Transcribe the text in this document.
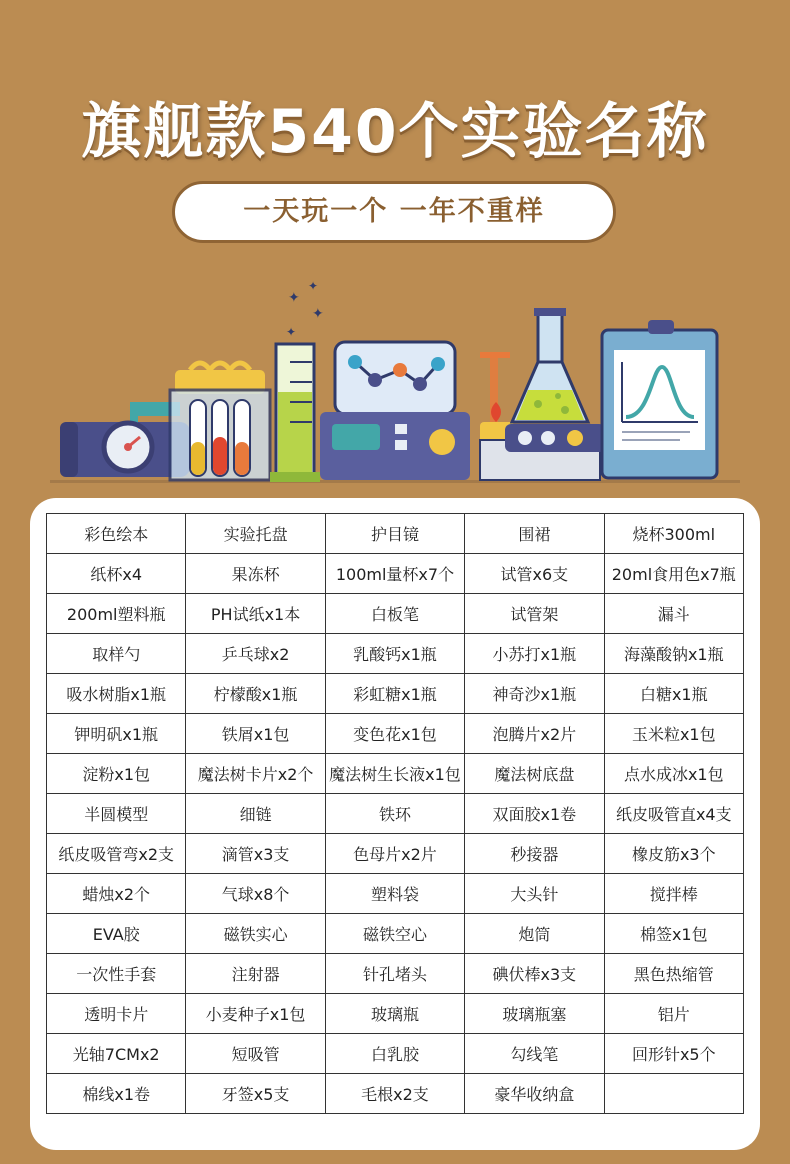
旗舰款540个实验名称
一天玩一个 一年不重样
✦
✦
✦
✦
彩色绘本	实验托盘	护目镜	围裙	烧杯300ml
纸杯x4	果冻杯	100ml量杯x7个	试管x6支	20ml食用色x7瓶
200ml塑料瓶	PH试纸x1本	白板笔	试管架	漏斗
取样勺	乒乓球x2	乳酸钙x1瓶	小苏打x1瓶	海藻酸钠x1瓶
吸水树脂x1瓶	柠檬酸x1瓶	彩虹糖x1瓶	神奇沙x1瓶	白糖x1瓶
钾明矾x1瓶	铁屑x1包	变色花x1包	泡腾片x2片	玉米粒x1包
淀粉x1包	魔法树卡片x2个	魔法树生长液x1包	魔法树底盘	点水成冰x1包
半圆模型	细链	铁环	双面胶x1卷	纸皮吸管直x4支
纸皮吸管弯x2支	滴管x3支	色母片x2片	秒接器	橡皮筋x3个
蜡烛x2个	气球x8个	塑料袋	大头针	搅拌棒
EVA胶	磁铁实心	磁铁空心	炮筒	棉签x1包
一次性手套	注射器	针孔堵头	碘伏棒x3支	黑色热缩管
透明卡片	小麦种子x1包	玻璃瓶	玻璃瓶塞	铝片
光轴7CMx2	短吸管	白乳胶	勾线笔	回形针x5个
棉线x1卷	牙签x5支	毛根x2支	豪华收纳盒	
